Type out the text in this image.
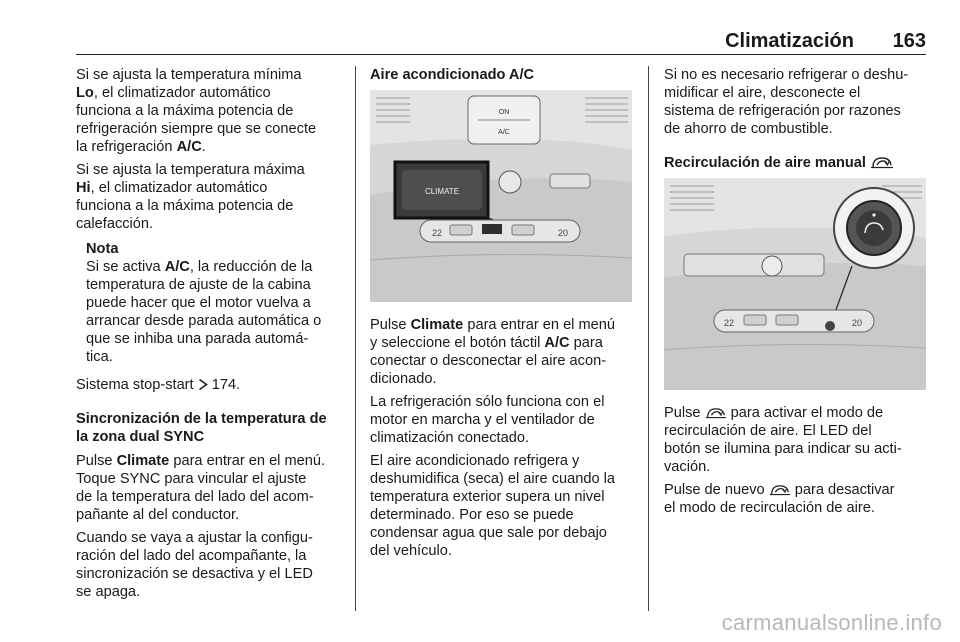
Climatización 163

Si se ajusta la temperatura mínima
Lo, el climatizador automático
funciona a la máxima potencia de
refrigeración siempre que se conecte
la refrigeración A/C.

Si se ajusta la temperatura máxima
Hi, el climatizador automático
funciona a la máxima potencia de
calefacción.

Nota
Si se activa A/C, la reducción de la
temperatura de ajuste de la cabina
puede hacer que el motor vuelva a
arrancar desde parada automática o
que se inhiba una parada automá-
tica.

Sistema stop-start  174.

Sincronización de la temperatura de
la zona dual SYNC

Pulse Climate para entrar en el menú.
Toque SYNC para vincular el ajuste
de la temperatura del lado del acom-
pañante al del conductor.

Cuando se vaya a ajustar la configu-
ración del lado del acompañante, la
sincronización se desactiva y el LED
se apaga.

Aire acondicionado A/C
ON
A/C
CLIMATE
22	20

Pulse Climate para entrar en el menú
y seleccione el botón táctil A/C para
conectar o desconectar el aire acon-
dicionado.

La refrigeración sólo funciona con el
motor en marcha y el ventilador de
climatización conectado.

El aire acondicionado refrigera y
deshumidifica (seca) el aire cuando la
temperatura exterior supera un nivel
determinado. Por eso se puede
condensar agua que sale por debajo
del vehículo.

Si no es necesario refrigerar o deshu-
midificar el aire, desconecte el
sistema de refrigeración por razones
de ahorro de combustible.

Recirculación de aire manual
22	20

Pulse  para activar el modo de
recirculación de aire. El LED del
botón se ilumina para indicar su acti-
vación.

Pulse de nuevo  para desactivar
el modo de recirculación de aire.

carmanualsonline.info
